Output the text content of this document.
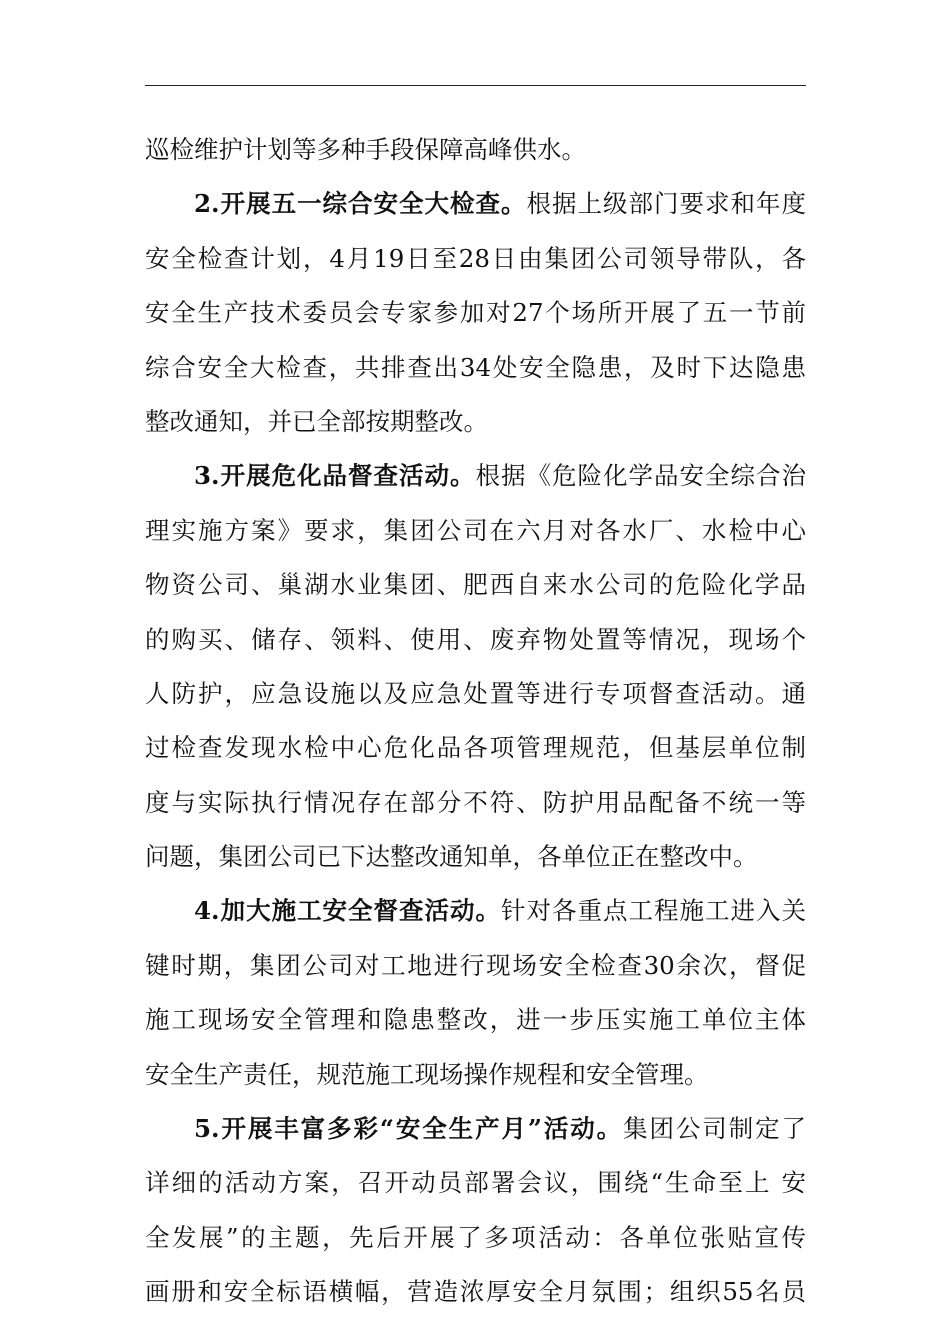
巡检维护计划等多种手段保障高峰供水。
2.开展五一综合安全大检查。根据上级部门要求和年度
安全检查计划，4月19日至28日由集团公司领导带队，各
安全生产技术委员会专家参加对27个场所开展了五一节前
综合安全大检查，共排查出34处安全隐患，及时下达隐患
整改通知，并已全部按期整改。
3.开展危化品督查活动。根据《危险化学品安全综合治
理实施方案》要求，集团公司在六月对各水厂、水检中心
物资公司、巢湖水业集团、肥西自来水公司的危险化学品
的购买、储存、领料、使用、废弃物处置等情况，现场个
人防护，应急设施以及应急处置等进行专项督查活动。通
过检查发现水检中心危化品各项管理规范，但基层单位制
度与实际执行情况存在部分不符、防护用品配备不统一等
问题，集团公司已下达整改通知单，各单位正在整改中。
4.加大施工安全督查活动。针对各重点工程施工进入关
键时期，集团公司对工地进行现场安全检查30余次，督促
施工现场安全管理和隐患整改，进一步压实施工单位主体
安全生产责任，规范施工现场操作规程和安全管理。
5.开展丰富多彩“安全生产月”活动。集团公司制定了
详细的活动方案，召开动员部署会议，围绕“生命至上 安
全发展”的主题，先后开展了多项活动：各单位张贴宣传
画册和安全标语横幅，营造浓厚安全月氛围；组织55名员
